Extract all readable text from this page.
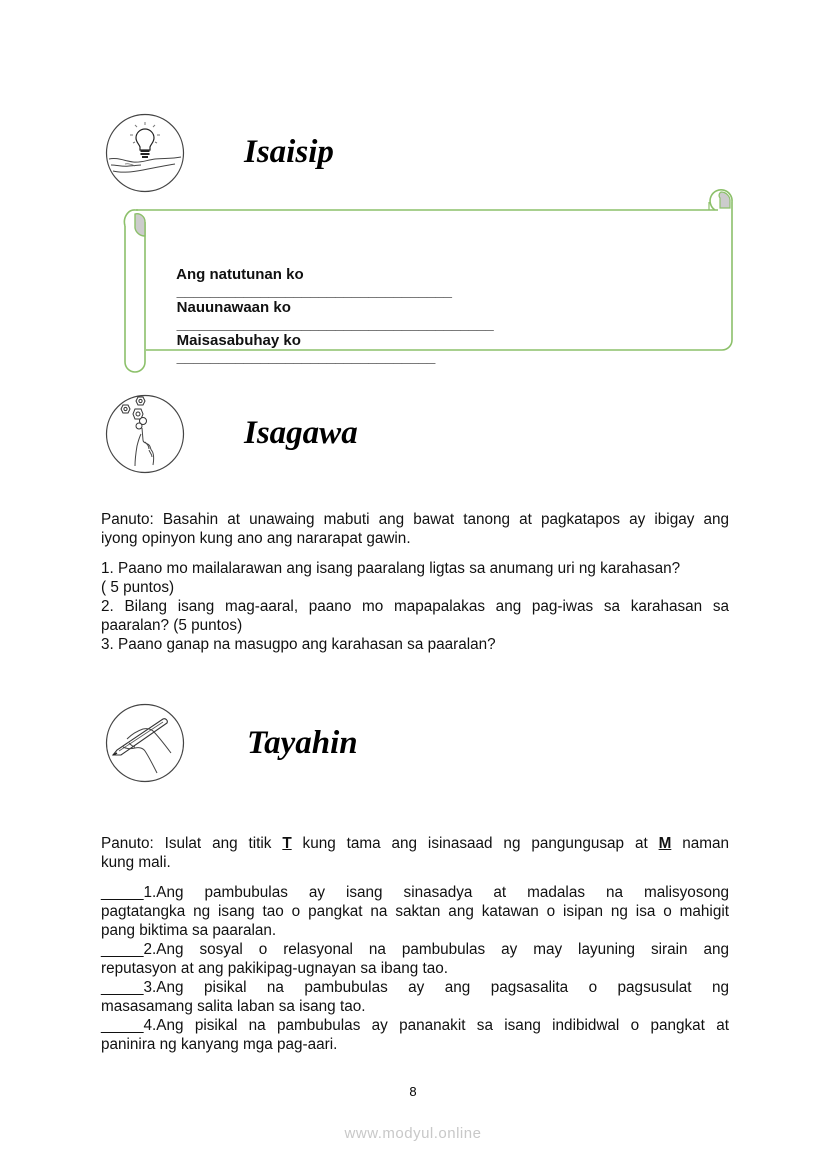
Isaisip

Ang natutunan ko
_________________________________

Nauunawaan ko
______________________________________

Maisasabuhay ko
_______________________________

Isagawa
Panuto: Basahin at unawaing mabuti ang bawat tanong at pagkatapos ay ibigay ang
iyong opinyon kung ano ang nararapat gawin.
1. Paano mo mailalarawan ang isang paaralang ligtas sa anumang uri ng karahasan?
( 5 puntos)
2. Bilang isang mag-aaral, paano mo mapapalakas ang pag-iwas sa karahasan sa
paaralan? (5 puntos)
3. Paano ganap na masugpo ang karahasan sa paaralan?
Tayahin
Panuto: Isulat ang titik T kung tama ang isinasaad ng pangungusap at M naman
kung mali.
_____1.Ang pambubulas ay isang sinasadya at madalas na malisyosong
pagtatangka ng isang tao o pangkat na saktan ang katawan o isipan ng isa o mahigit
pang biktima sa paaralan.
_____2.Ang sosyal o relasyonal na pambubulas ay may layuning sirain ang
reputasyon at ang pakikipag-ugnayan sa ibang tao.
_____3.Ang pisikal na pambubulas ay ang pagsasalita o pagsusulat ng
masasamang salita laban sa isang tao.
_____4.Ang pisikal na pambubulas ay pananakit sa isang indibidwal o pangkat at
paninira ng kanyang mga pag-aari.
8
www.modyul.online
